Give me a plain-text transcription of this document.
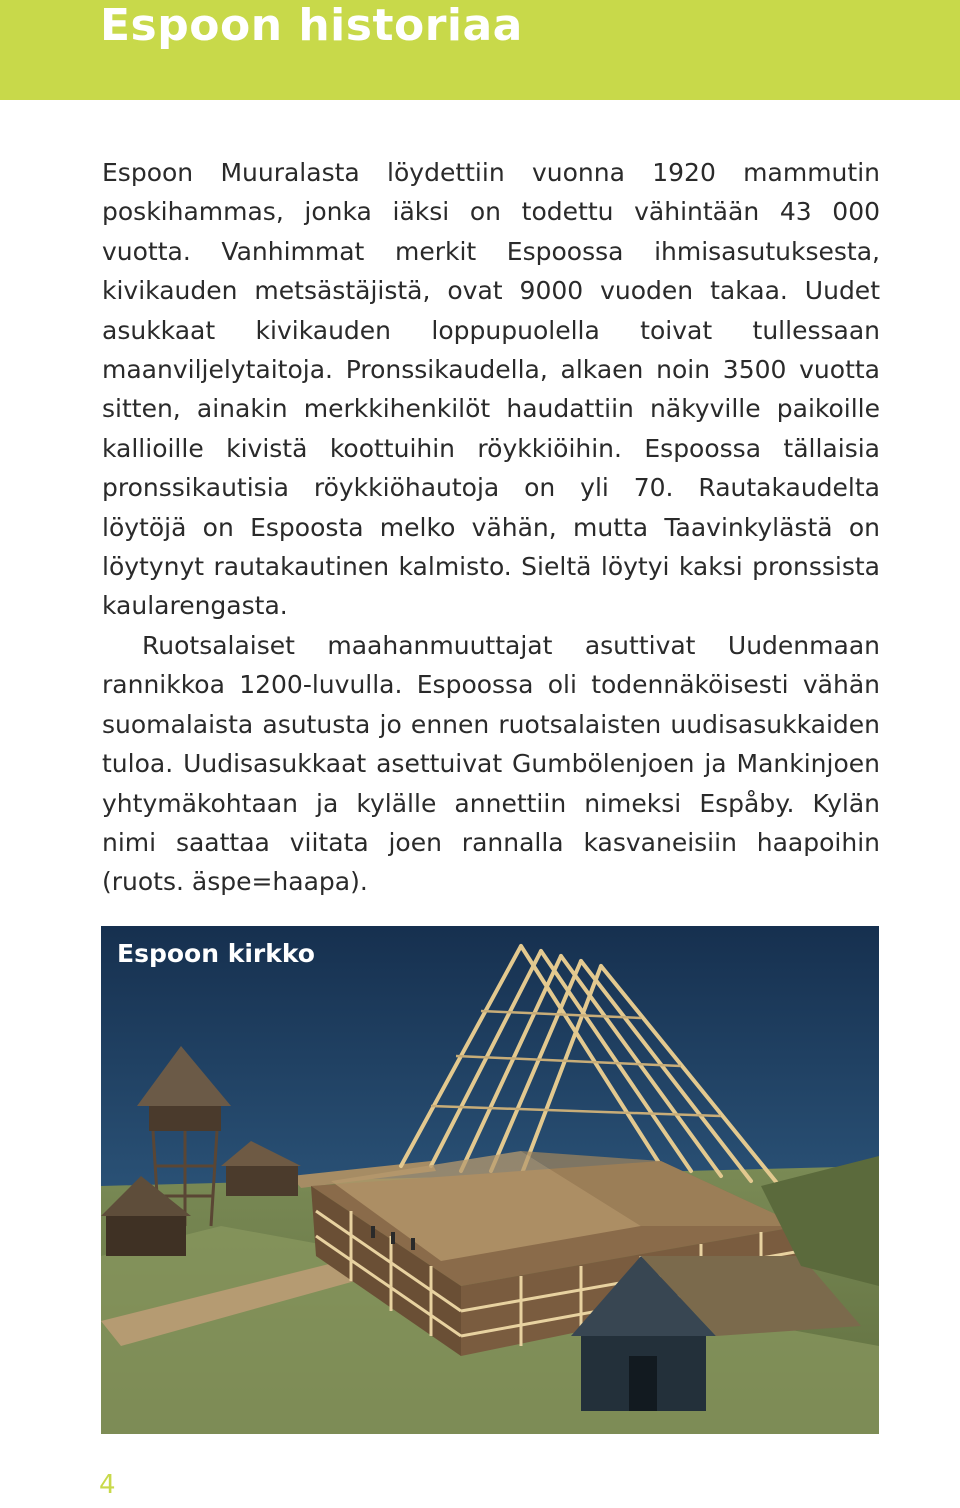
Espoon historiaa

Espoon Muuralasta löydettiin vuonna 1920 mammutin poskihammas, jonka iäksi on todettu vähintään 43 000 vuotta. Vanhimmat merkit Espoossa ihmisasutuksesta, kivikauden metsästäjistä, ovat 9000 vuoden takaa. Uudet asukkaat kivikauden loppupuolella toivat tullessaan maanviljelytaitoja. Pronssikaudella, alkaen noin 3500 vuotta sitten, ainakin merkkihenkilöt haudattiin näkyville paikoille kallioille kivistä koottuihin röykkiöihin. Espoossa tällaisia pronssikautisia röykkiöhautoja on yli 70. Rautakaudelta löytöjä on Espoosta melko vähän, mutta Taavinkylästä on löytynyt rautakautinen kalmisto. Sieltä löytyi kaksi pronssista kaularengasta.

Ruotsalaiset maahanmuuttajat asuttivat Uudenmaan rannikkoa 1200-luvulla. Espoossa oli todennäköisesti vähän suomalaista asutusta jo ennen ruotsalaisten uudisasukkaiden tuloa. Uudisasukkaat asettuivat Gumbölenjoen ja Mankinjoen yhtymäkohtaan ja kylälle annettiin nimeksi Espåby. Kylän nimi saattaa viitata joen rannalla kasvaneisiin haapoihin (ruots. äspe=haapa).

Espoon kirkko
4
